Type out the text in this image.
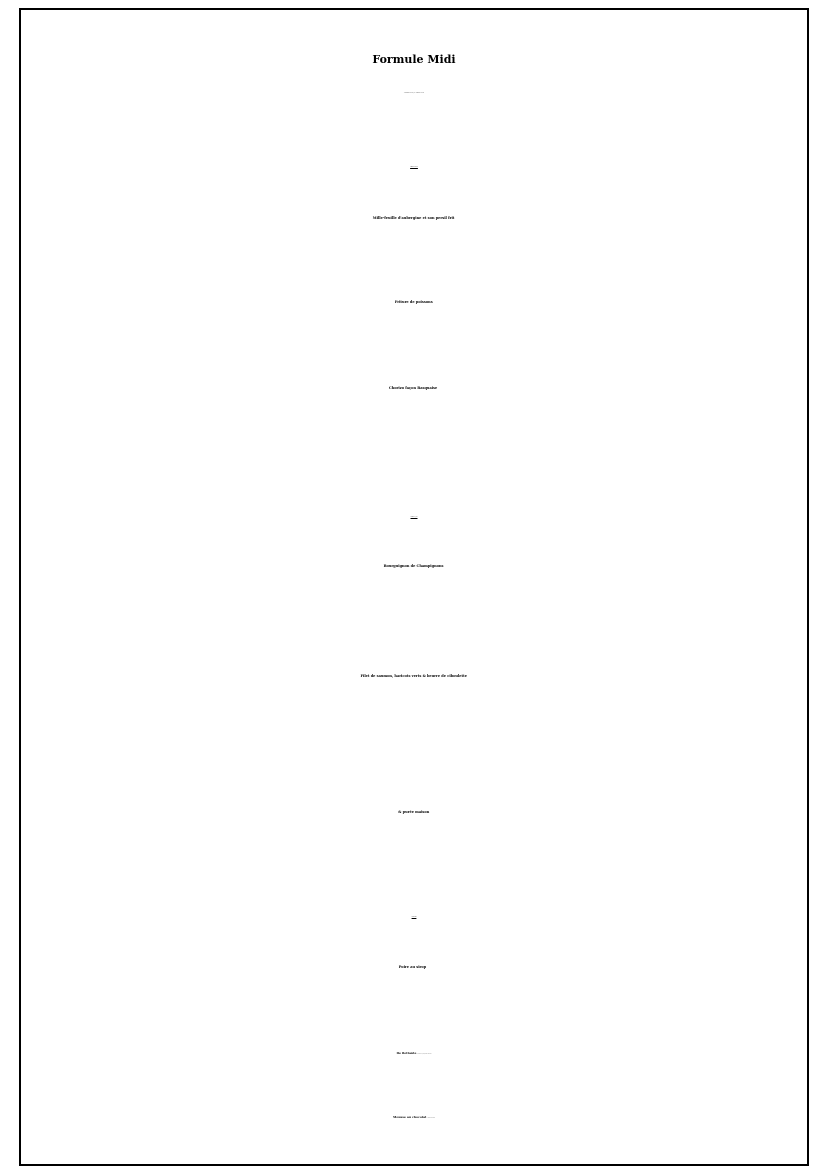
Formule Midi
2 courses £22.95 / 3 Courses £27.95
Entrées £8.95
Mille-feuille d'aubergine et son persil frit
Friture de poissons
Chorizo façon Basquaise
Plats £17,95
Bourguignon de Champignons
Filet de saumon, haricots verts & beurre de ciboulette
& purée maison
Desserts
Poire au sirop
Ile flottante
Mousse au chocolat
